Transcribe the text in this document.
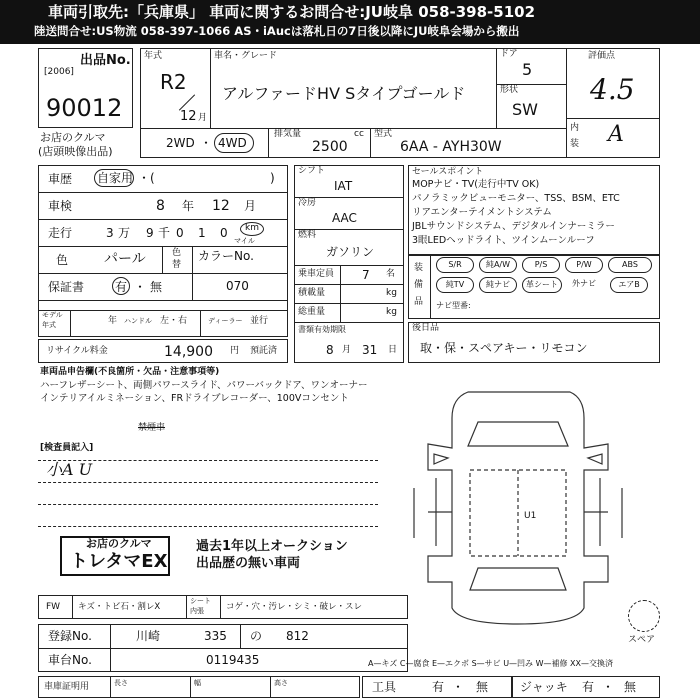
車両引取先:「兵庫県」 車両に関するお問合せ:JU岐阜 058-398-5102
陸送問合せ:US物流 058-397-1066 AS・iAucは落札日の7日後以降にJU岐阜会場から搬出
出品No.
[2006]
90012
お店のクルマ
(店頭映像出品)
年式
R2
12 月
車名・グレード
アルファードHV Sタイプゴールド
ドア
5
形状
SW
評価点
4.5
内
装 A
2WD ・ 4WD
排気量	cc
2500
型式
6AA - AYH30W
車歴 自家用 ・(	)
車検	8 年 12 月
走行	3 万 9 千 0 1 0 km
マイル
色	パール	色
替
カラーNo.
070
保証書	有 ・ 無
モデル
年式	年 ハンドル 左・右	ディーラー 並行
リサイクル料金	14,900 円 預託済
シフト
IAT
冷房
AAC
燃料
ガソリン
乗車定員 7 名
積載量	kg
総重量	kg
書類有効期限
8 月 31 日
セールスポイント
MOPナビ・TV(走行中TV OK)
パノラミックビューモニター、TSS、BSM、ETC
リアエンターテイメントシステム
JBLサウンドシステム、デジタルインナーミラー
3眼LEDヘッドライト、ツインムーンルーフ
装
備
品
S/R	純A/W	P/S	P/W	ABS
純TV	純ナビ	革シート	外ナビ	エアB
ナビ型番:
後日品
取・保・スペアキー・リモコン
車両品申告欄(不良箇所・欠品・注意事項等)
ハーフレザーシート、両側パワースライド、パワーバックドア、ワンオーナー
インテリアイルミネーション、FRドライブレコーダー、100Vコンセント
禁煙車
[検査員記入]
小A U
お店のクルマ
トレタマEX
過去1年以上オークション
出品歴の無い車両
FW キズ・トビ石・割レX
シート
内張	コゲ・穴・汚レ・シミ・破レ・スレ
登録No.	川崎	335 の 812
車台No.	0119435	A—キズ C—腐食 E—エクボ S—サビ U—凹み W—補修 XX—交換済
車庫証明用	長さ	幅	高さ	工具	有 ・ 無	ジャッキ 有 ・ 無
U1
スペア
